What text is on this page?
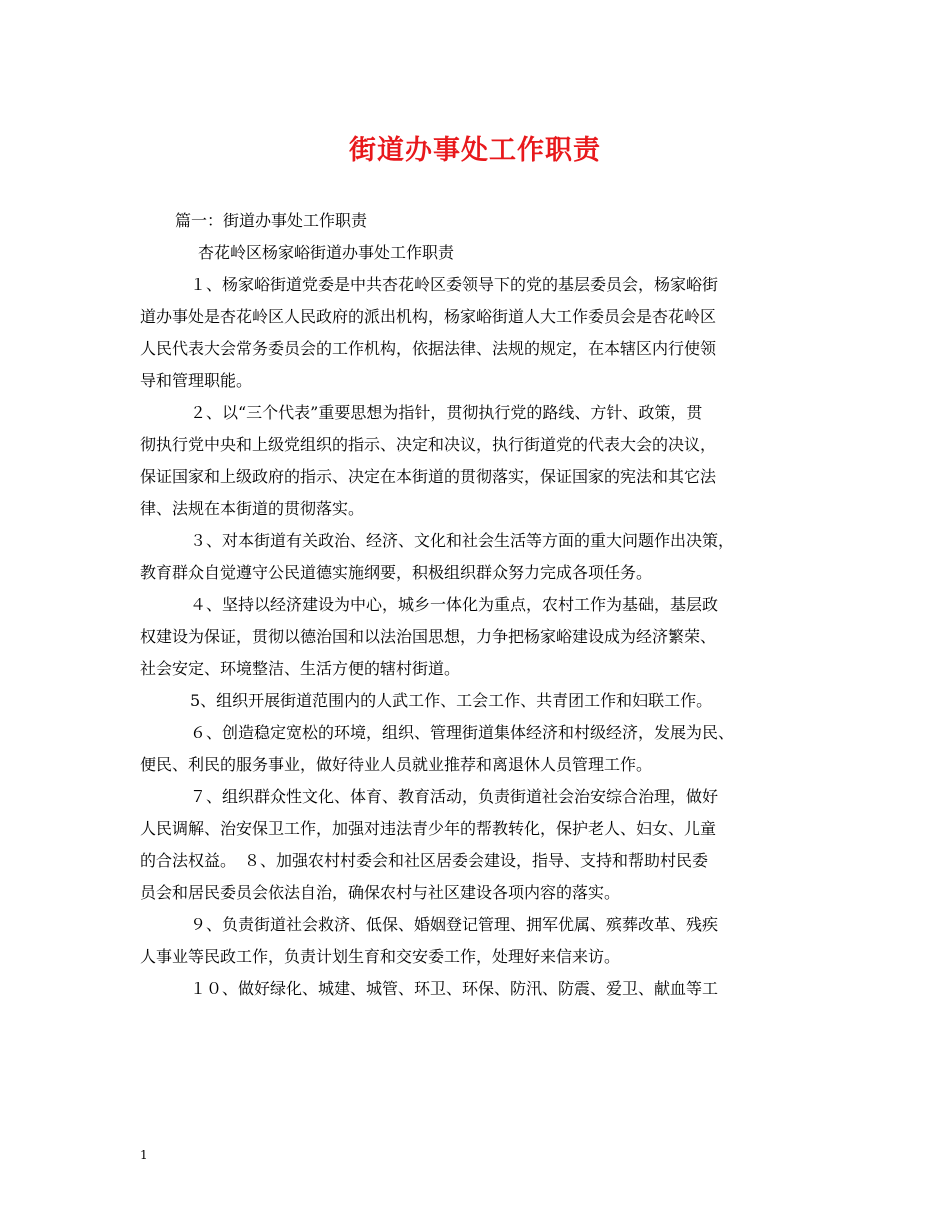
街道办事处工作职责
篇一：街道办事处工作职责
杏花岭区杨家峪街道办事处工作职责
１、杨家峪街道党委是中共杏花岭区委领导下的党的基层委员会，杨家峪街
道办事处是杏花岭区人民政府的派出机构，杨家峪街道人大工作委员会是杏花岭区
人民代表大会常务委员会的工作机构，依据法律、法规的规定，在本辖区内行使领
导和管理职能。
２、以“三个代表”重要思想为指针，贯彻执行党的路线、方针、政策，贯
彻执行党中央和上级党组织的指示、决定和决议，执行街道党的代表大会的决议，
保证国家和上级政府的指示、决定在本街道的贯彻落实，保证国家的宪法和其它法
律、法规在本街道的贯彻落实。
３、对本街道有关政治、经济、文化和社会生活等方面的重大问题作出决策，
教育群众自觉遵守公民道德实施纲要，积极组织群众努力完成各项任务。
４、坚持以经济建设为中心，城乡一体化为重点，农村工作为基础，基层政
权建设为保证，贯彻以德治国和以法治国思想，力争把杨家峪建设成为经济繁荣、
社会安定、环境整洁、生活方便的辖村街道。
5、组织开展街道范围内的人武工作、工会工作、共青团工作和妇联工作。
６、创造稳定宽松的环境，组织、管理街道集体经济和村级经济，发展为民、
便民、利民的服务事业，做好待业人员就业推荐和离退休人员管理工作。
７、组织群众性文化、体育、教育活动，负责街道社会治安综合治理，做好
人民调解、治安保卫工作，加强对违法青少年的帮教转化，保护老人、妇女、儿童
的合法权益。　８、加强农村村委会和社区居委会建设，指导、支持和帮助村民委
员会和居民委员会依法自治，确保农村与社区建设各项内容的落实。
９、负责街道社会救济、低保、婚姻登记管理、拥军优属、殡葬改革、残疾
人事业等民政工作，负责计划生育和交安委工作，处理好来信来访。
１０、做好绿化、城建、城管、环卫、环保、防汛、防震、爱卫、献血等工
1
